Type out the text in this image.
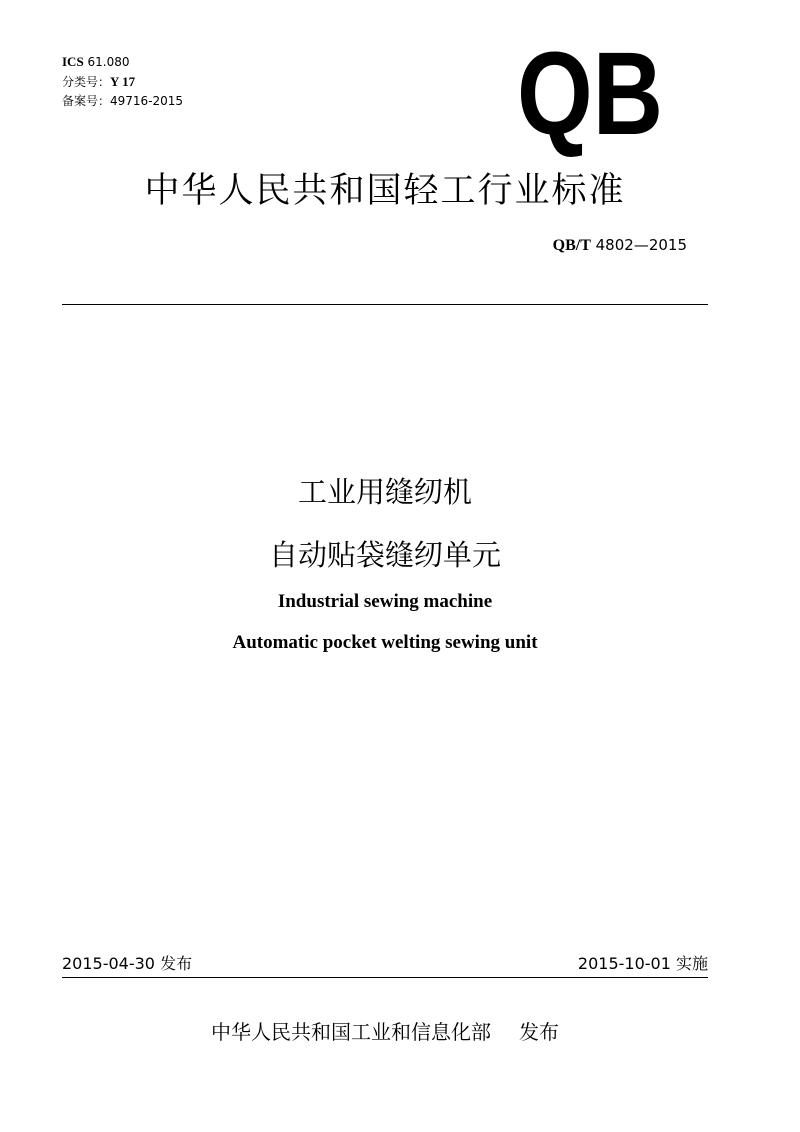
ICS 61.080
分类号：Y 17
备案号：49716-2015	QB
中华人民共和国轻工行业标准
QB/T 4802—2015
工业用缝纫机
自动贴袋缝纫单元
Industrial sewing machine
Automatic pocket welting sewing unit
2015-04-30 发布	2015-10-01 实施
中华人民共和国工业和信息化部 发布
